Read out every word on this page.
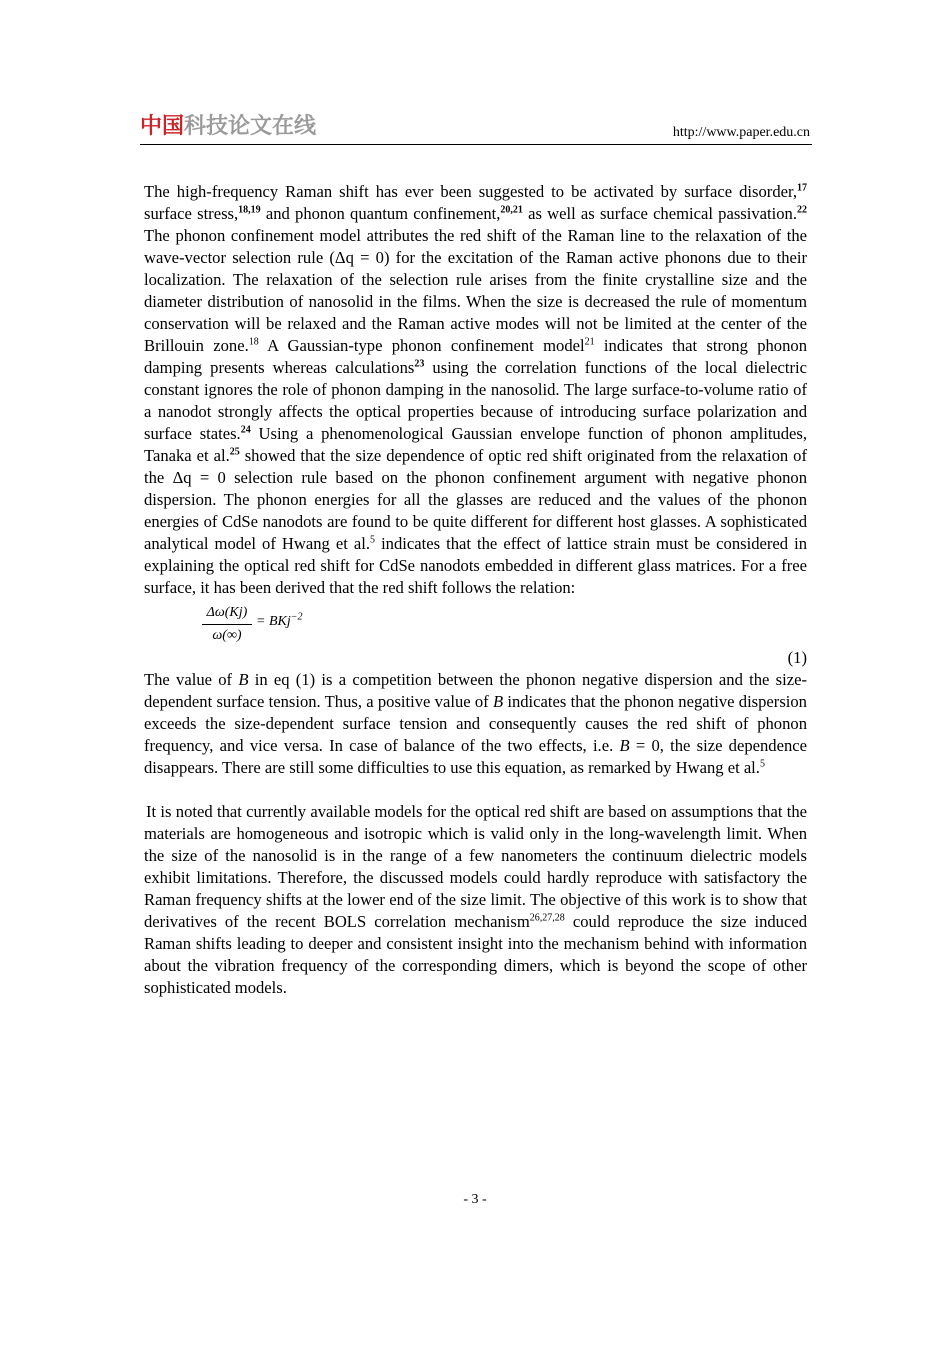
中国科技论文在线	http://www.paper.edu.cn

The high-frequency Raman shift has ever been suggested to be activated by surface disorder,$^{17}$ surface stress,$^{18,19}$ and phonon quantum confinement,$^{20,21}$ as well as surface chemical passivation.$^{22}$ The phonon confinement model attributes the red shift of the Raman line to the relaxation of the wave-vector selection rule (Δq = 0) for the excitation of the Raman active phonons due to their localization. The relaxation of the selection rule arises from the finite crystalline size and the diameter distribution of nanosolid in the films. When the size is decreased the rule of momentum conservation will be relaxed and the Raman active modes will not be limited at the center of the Brillouin zone.$^{18}$ A Gaussian-type phonon confinement model$^{21}$ indicates that strong phonon damping presents whereas calculations$^{23}$ using the correlation functions of the local dielectric constant ignores the role of phonon damping in the nanosolid. The large surface-to-volume ratio of a nanodot strongly affects the optical properties because of introducing surface polarization and surface states.$^{24}$ Using a phenomenological Gaussian envelope function of phonon amplitudes, Tanaka et al.$^{25}$ showed that the size dependence of optic red shift originated from the relaxation of the Δq = 0 selection rule based on the phonon confinement argument with negative phonon dispersion. The phonon energies for all the glasses are reduced and the values of the phonon energies of CdSe nanodots are found to be quite different for different host glasses. A sophisticated analytical model of Hwang et al.$^5$ indicates that the effect of lattice strain must be considered in explaining the optical red shift for CdSe nanodots embedded in different glass matrices. For a free surface, it has been derived that the red shift follows the relation:

Δω(Kj)
ω(∞)
= BKj$^{-2}$
(1)

The value of B in eq (1) is a competition between the phonon negative dispersion and the size-dependent surface tension. Thus, a positive value of B indicates that the phonon negative dispersion exceeds the size-dependent surface tension and consequently causes the red shift of phonon frequency, and vice versa. In case of balance of the two effects, i.e. B = 0, the size dependence disappears. There are still some difficulties to use this equation, as remarked by Hwang et al.$^5$

It is noted that currently available models for the optical red shift are based on assumptions that the materials are homogeneous and isotropic which is valid only in the long-wavelength limit. When the size of the nanosolid is in the range of a few nanometers the continuum dielectric models exhibit limitations. Therefore, the discussed models could hardly reproduce with satisfactory the Raman frequency shifts at the lower end of the size limit. The objective of this work is to show that derivatives of the recent BOLS correlation mechanism$^{26,27,28}$ could reproduce the size induced Raman shifts leading to deeper and consistent insight into the mechanism behind with information about the vibration frequency of the corresponding dimers, which is beyond the scope of other sophisticated models.

- 3 -
